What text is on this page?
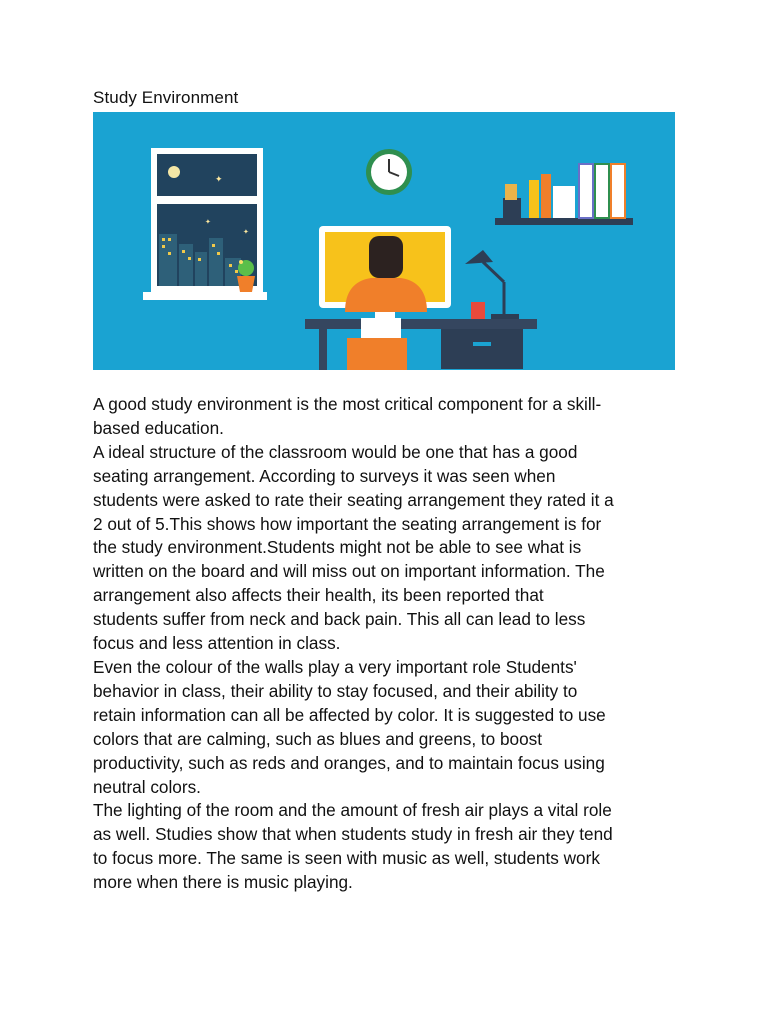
Study Environment
✦
✦
✦
A good study environment is the most critical component for a skill-
based education.
A ideal structure of the classroom would be one that has a good
seating arrangement. According to surveys it was seen when
students were asked to rate their seating arrangement they rated it a
2 out of 5.This shows how important the seating arrangement is for
the study environment.Students might not be able to see what is
written on the board and will miss out on important information. The
arrangement also affects their health, its been reported that
students suffer from neck and back pain. This all can lead to less
focus and less attention in class.
Even the colour of the walls play a very important role Students'
behavior in class, their ability to stay focused, and their ability to
retain information can all be affected by color. It is suggested to use
colors that are calming, such as blues and greens, to boost
productivity, such as reds and oranges, and to maintain focus using
neutral colors.
The lighting of the room and the amount of fresh air plays a vital role
as well. Studies show that when students study in fresh air they tend
to focus more. The same is seen with music as well, students work
more when there is music playing.
